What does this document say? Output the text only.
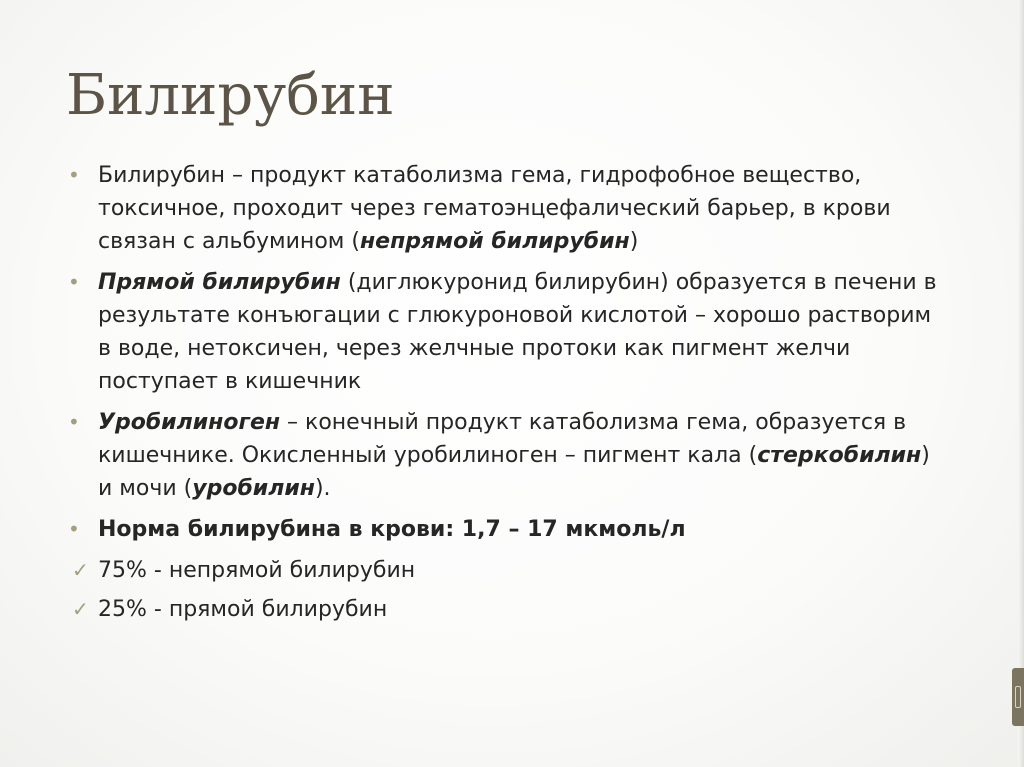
Билирубин
• Билирубин – продукт катаболизма гема, гидрофобное вещество, токсичное, проходит через гематоэнцефалический барьер, в крови связан с альбумином (непрямой билирубин)
• Прямой билирубин (диглюкуронид билирубин) образуется в печени в результате конъюгации с глюкуроновой кислотой – хорошо растворим в воде, нетоксичен, через желчные протоки как пигмент желчи поступает в кишечник
• Уробилиноген – конечный продукт катаболизма гема, образуется в кишечнике. Окисленный уробилиноген – пигмент кала (стеркобилин) и мочи (уробилин).
• Норма билирубина в крови: 1,7 – 17 мкмоль/л
✓ 75% - непрямой билирубин
✓ 25% - прямой билирубин
